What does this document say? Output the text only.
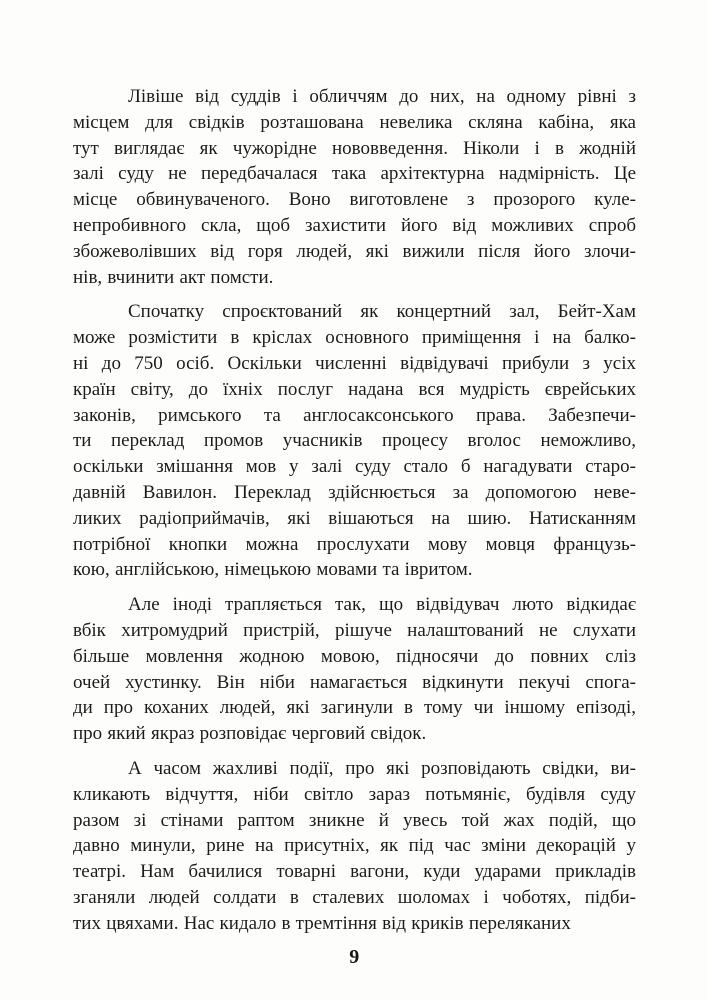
Лівіше від суддів і обличчям до них, на одному рівні з
місцем для свідків розташована невелика скляна кабіна, яка
тут виглядає як чужорідне нововведення. Ніколи і в жодній
залі суду не передбачалася така архітектурна надмірність. Це
місце обвинуваченого. Воно виготовлене з прозорого куле-
непробивного скла, щоб захистити його від можливих спроб
збожеволівших від горя людей, які вижили після його злочи-
нів, вчинити акт помсти.
Спочатку спроєктований як концертний зал, Бейт-Хам
може розмістити в кріслах основного приміщення і на балко-
ні до 750 осіб. Оскільки численні відвідувачі прибули з усіх
країн світу, до їхніх послуг надана вся мудрість єврейських
законів, римського та англосаксонського права. Забезпечи-
ти переклад промов учасників процесу вголос неможливо,
оскільки змішання мов у залі суду стало б нагадувати старо-
давній Вавилон. Переклад здійснюється за допомогою неве-
ликих радіоприймачів, які вішаються на шию. Натисканням
потрібної кнопки можна прослухати мову мовця французь-
кою, англійською, німецькою мовами та івритом.
Але іноді трапляється так, що відвідувач люто відкидає
вбік хитромудрий пристрій, рішуче налаштований не слухати
більше мовлення жодною мовою, підносячи до повних сліз
очей хустинку. Він ніби намагається відкинути пекучі спога-
ди про коханих людей, які загинули в тому чи іншому епізоді,
про який якраз розповідає черговий свідок.
А часом жахливі події, про які розповідають свідки, ви-
кликають відчуття, ніби світло зараз потьмяніє, будівля суду
разом зі стінами раптом зникне й увесь той жах подій, що
давно минули, рине на присутніх, як під час зміни декорацій у
театрі. Нам бачилися товарні вагони, куди ударами прикладів
зганяли людей солдати в сталевих шоломах і чоботях, підби-
тих цвяхами. Нас кидало в тремтіння від криків переляканих
9
